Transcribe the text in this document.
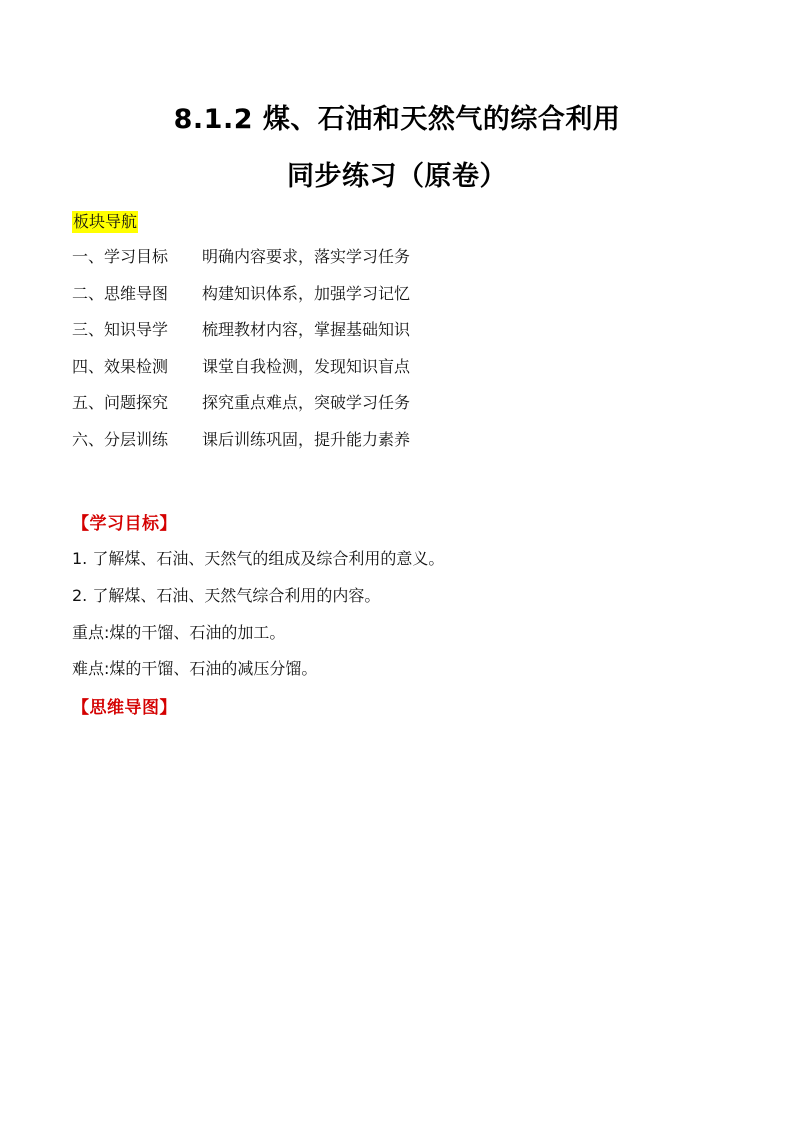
8.1.2 煤、石油和天然气的综合利用
同步练习（原卷）
板块导航
一、学习目标 明确内容要求，落实学习任务
二、思维导图 构建知识体系，加强学习记忆
三、知识导学 梳理教材内容，掌握基础知识
四、效果检测 课堂自我检测，发现知识盲点
五、问题探究 探究重点难点，突破学习任务
六、分层训练 课后训练巩固，提升能力素养
【学习目标】
1. 了解煤、石油、天然气的组成及综合利用的意义。
2. 了解煤、石油、天然气综合利用的内容。
重点:煤的干馏、石油的加工。
难点:煤的干馏、石油的减压分馏。
【思维导图】
